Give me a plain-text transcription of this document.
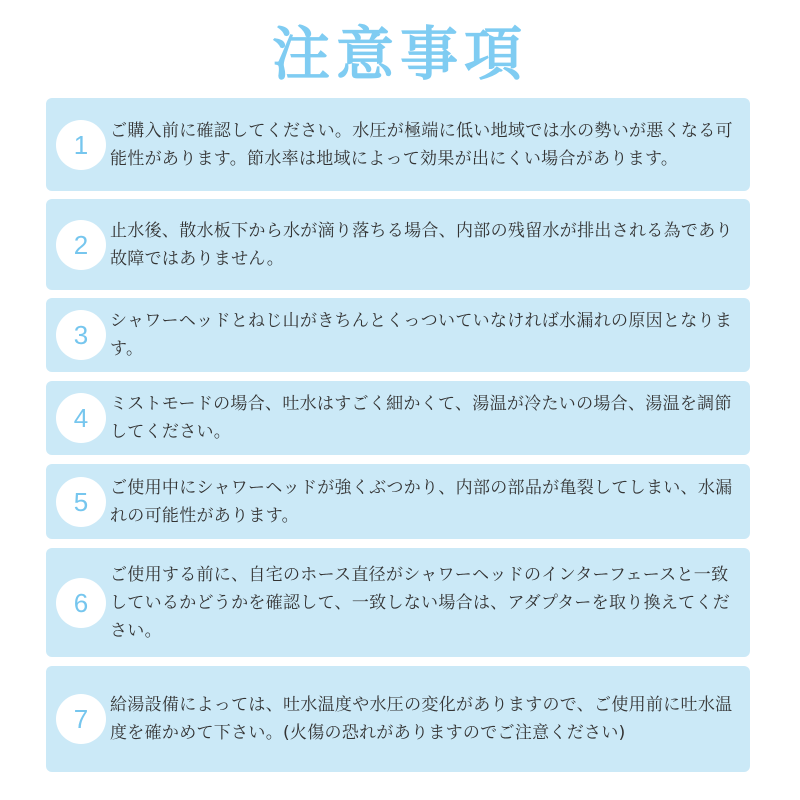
注意事項
1	ご購入前に確認してください。水圧が極端に低い地域では水の勢いが悪くなる可能性があります。節水率は地域によって効果が出にくい場合があります。
2	止水後、散水板下から水が滴り落ちる場合、内部の残留水が排出される為であり故障ではありません。
3	シャワーヘッドとねじ山がきちんとくっついていなければ水漏れの原因となります。
4	ミストモードの場合、吐水はすごく細かくて、湯温が冷たいの場合、湯温を調節してください。
5	ご使用中にシャワーヘッドが強くぶつかり、内部の部品が亀裂してしまい、水漏れの可能性があります。
6
ご使用する前に、自宅のホース直径がシャワーヘッドのインターフェースと一致しているかどうかを確認して、一致しない場合は、アダプターを取り換えてください。
7	給湯設備によっては、吐水温度や水圧の変化がありますので、ご使用前に吐水温度を確かめて下さい。(火傷の恐れがありますのでご注意ください)
